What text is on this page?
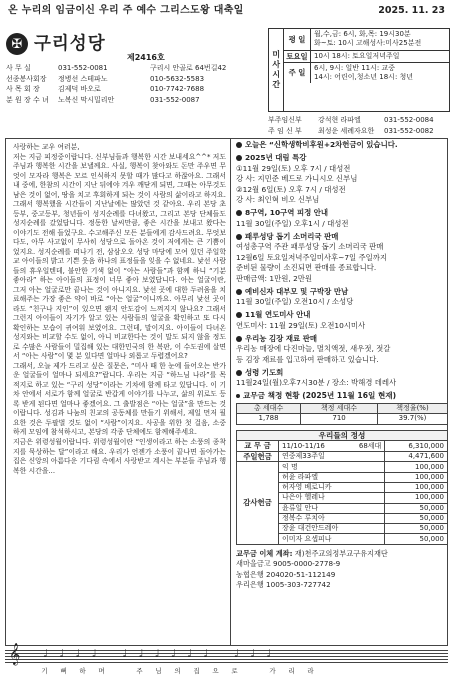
온 누리의 임금이신 우리 주 예수 그리스도왕 대축일	2025. 11. 23
✠ 구리성당
제2416호
사 무 실	031-552-0081	구리시 안골로 64번길42
선종봉사회장	정병선 스테파노	010-5632-5583
사 목 회 장	김제덕 바오로	010-7742-7688
분 원 장 수 녀	노복신 막시밀리안	031-552-0087
미사시간
평 일
월,수,금: 6시, 화,목: 19시30분
화~토: 10시 고해성사:미사25분전
토요일 10시 18시: 토요일저녁주일
주 일
6시, 9시: 일반 11시: 교중
14시: 어린이,청소년 18시: 청년
부주임신부	강석현 라파엘	031-552-0084
주 임 신 부	최성운 세례자요한	031-552-0082

사랑하는 교우 여러분,

저는 지금 피정중이랍니다. 신부님들과 행복한 시간 보내세요^^* 저도 주님과 행복한 시간을 보낼께요. 사실, 행복이 찾아와도 돈만 주우면 무엇이 모자라 행복은 모르 인식하지 못할 때가 많다고 하잖아요. 그래서 내 중에, 한참의 시간이 지난 뒤에야 겨우 깨닫게 되면, 그때는 아무것도 남은 것이 없어, 땅을 치고 후회하게 되는 것이 사람의 삶이라고 하지요. 그래서 행복했을 시간들이 지난날에는 많았던 것 같아요. 우리 본당 초등부, 중고등부, 청년들이 성지순례를 다녀왔고, 그리고 본당 단체들도 성지순례를 갔었답니다. 정동한 날씨만큼, 좋은 시간을 보내고 왔다는 이야기도 전해 들었구요. 수고해주신 모든 분들에게 감사드려요. 무엇보다도, 아무 사고없이 무사히 성당으로 돌아온 것이 저에게는 큰 기쁨이었지요. 성지순례를 떠나기 전, 삼삼오오 성당 마당에 모여 있던 주일학교 아이들의 밝고 기쁜 웃음 하나의 표정들을 잊을 수 없네요. 낯선 사람들의 휴우일텐데, 불안한 기색 없이 “아는 사람들”과 함께 하니 “기분 좋아라” 하는 아이들의 표정이 너무 좋아 보였답니다. 아는 얼굴이란, 그저 아는 얼굴로만 끝나는 것이 아니지요. 낯선 곳에 대한 두려움을 치료해주는 가장 좋은 약이 바로 “아는 얼굴”이니까요. 아무리 낯선 곳이라도 “친구나 지인”이 있으면 왠지 안도감이 느껴지지 않나요? 그래서 그런지 아이들이 자기가 알고 있는 사람들의 얼굴을 확인하고 또 다시 확인하는 모습이 귀여워 보였어요. 그런데, 말이지요. 아이들이 다녀온 성지와는 비교할 수도 없이, 아니 비교한다는 것이 말도 되지 않을 정도로 수많은 사람들이 밀집해 있는 대한민국의 한 복판, 이 수도권에 살면서 “아는 사람”이 몇 분 있다면 얼마나 외롭고 두렵겠어요?

그래서, 오늘 제가 드리고 싶은 질문은, “미사 때 한 눈에 들어오는 반가운 얼굴들이 얼마나 되세요?”랍니다. 우리는 지금 “하느님 나라”를 목적지로 하고 있는 “구리 성당”이라는 기차에 함께 타고 있답니다. 이 기차 안에서 서로가 함께 얼굴로 반갑게 이야기를 나누고, 삶의 위로도 등록 받게 된다면 얼마나 좋겠어요. 그 출발점은 “아는 얼굴”을 만드는 것이랍니다. 성김과 나눔의 친교의 공동체를 만들기 위해서, 제일 먼저 필요한 것은 두팔벌 것도 없이 “사람”이지요. 사공을 위한 첫 걸음, 소중하게 모임에 참석하시고, 본당의 각종 단체에도 함께해주세요.

지금은 위령성월이랍니다. 위령성월이란 “인생이라고 하는 소풍의 종착지를 묵상하는 달”이라고 해요. 우리가 언젠가 소풍이 끝나면 돌아가는 집은 신앙의 아름다운 기다림 속에서 사랑받고 계시는 부분들 주님과 행복한 시간을...

오늘은 “신학생학비후원+2차헌금이 있습니다.
2025년 대림 특강
①11월 29일(토) 오후 7시 / 대성전
강 사: 지민준 베드로 가니시오 신부님
②12월 6일(토) 오후 7시 / 대성전
강 사: 최인혁 비오 신부님
8구역, 10구역 피정 안내
11월 30일(주일) 오후1시 / 대성전
패루성당 돕기 소머리국 판매
여성총구역 주관 패루성당 돕기 소머리국 판매
12월6일 토요일저녁주일미사후~7일 주일까지
준비된 물량이 소진되면 판매를 종료합니다.
판매금액: 1만원, 2만원
예비신자 대부모 및 구박장 만남
11월 30일(주일) 오전10시 / 소성당
11월 연도미사 안내
연도미사: 11월 29일(토) 오전10시미사
우리농 김장 재료 판매
우리농 매장에 다진마늘, 멸치액젓, 새우젓, 젓갈
등 김장 재료를 입고하여 판매하고 있습니다.
성령 기도회
11월24일(월)오후7시30분 / 장소: 박해경 데레사
교무금 책정 현황 (2025년 11월 16일 현재)
총 세대수	책정 세대수	책정율(%)
1,788	710	39.7(%)
우리들의 정성		
교 무 금	11/10-11/16 68세대	6,310,000
주일헌금	연중제33주일	4,471,600
감사헌금	익 명	100,000
	허윤 라파엘	100,000
	허자영 베로니카	100,000
	나은아 헬레나	100,000
	윤류일 안나	50,000
	정복수 루치아	50,000
	장윤 대건안드레아	50,000
	이미자 요셉피나	50,000
교무금 이체 계좌: 재)천주교의정부교구유지재단
새마을금고 9005-0000-2778-9
농협은행 204020-51-112149
우리은행 1005-303-727742
𝄞
기	뻐	하	며	주	님	의	집	으	로	가	리	라
♩♩♩♩ ♩♩♩♩♩♩ ♩♩♩
